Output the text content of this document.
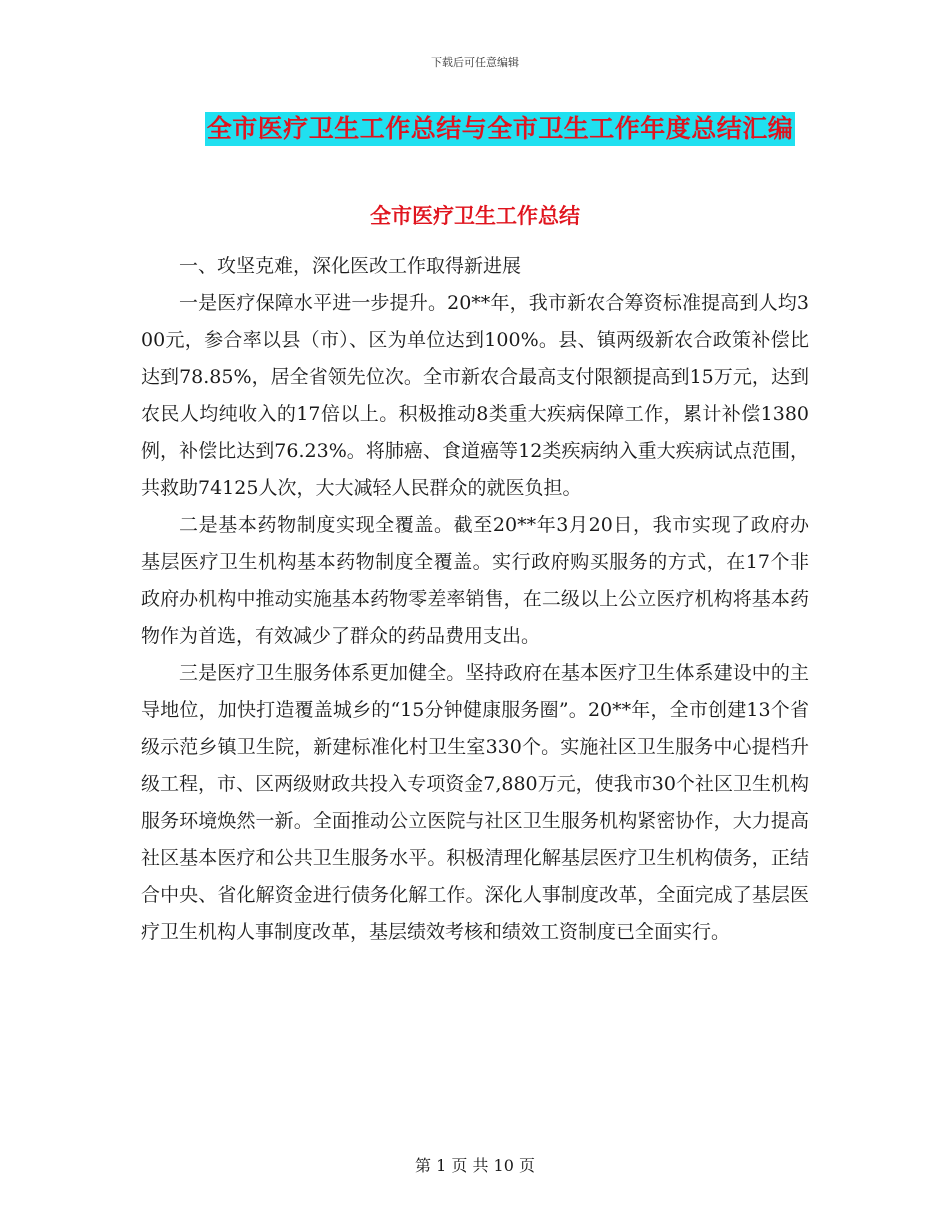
下载后可任意编辑
全市医疗卫生工作总结与全市卫生工作年度总结汇编
全市医疗卫生工作总结

一、攻坚克难，深化医改工作取得新进展

一是医疗保障水平进一步提升。20**年，我市新农合筹资标准提高到人均300元，参合率以县（市）、区为单位达到100%。县、镇两级新农合政策补偿比达到78.85%，居全省领先位次。全市新农合最高支付限额提高到15万元，达到农民人均纯收入的17倍以上。积极推动8类重大疾病保障工作，累计补偿1380例，补偿比达到76.23%。将肺癌、食道癌等12类疾病纳入重大疾病试点范围，共救助74125人次，大大减轻人民群众的就医负担。

二是基本药物制度实现全覆盖。截至20**年3月20日，我市实现了政府办基层医疗卫生机构基本药物制度全覆盖。实行政府购买服务的方式，在17个非政府办机构中推动实施基本药物零差率销售，在二级以上公立医疗机构将基本药物作为首选，有效减少了群众的药品费用支出。

三是医疗卫生服务体系更加健全。坚持政府在基本医疗卫生体系建设中的主导地位，加快打造覆盖城乡的“15分钟健康服务圈”。20**年，全市创建13个省级示范乡镇卫生院，新建标准化村卫生室330个。实施社区卫生服务中心提档升级工程，市、区两级财政共投入专项资金7,880万元，使我市30个社区卫生机构服务环境焕然一新。全面推动公立医院与社区卫生服务机构紧密协作，大力提高社区基本医疗和公共卫生服务水平。积极清理化解基层医疗卫生机构债务，正结合中央、省化解资金进行债务化解工作。深化人事制度改革，全面完成了基层医疗卫生机构人事制度改革，基层绩效考核和绩效工资制度已全面实行。

第 1 页 共 10 页
